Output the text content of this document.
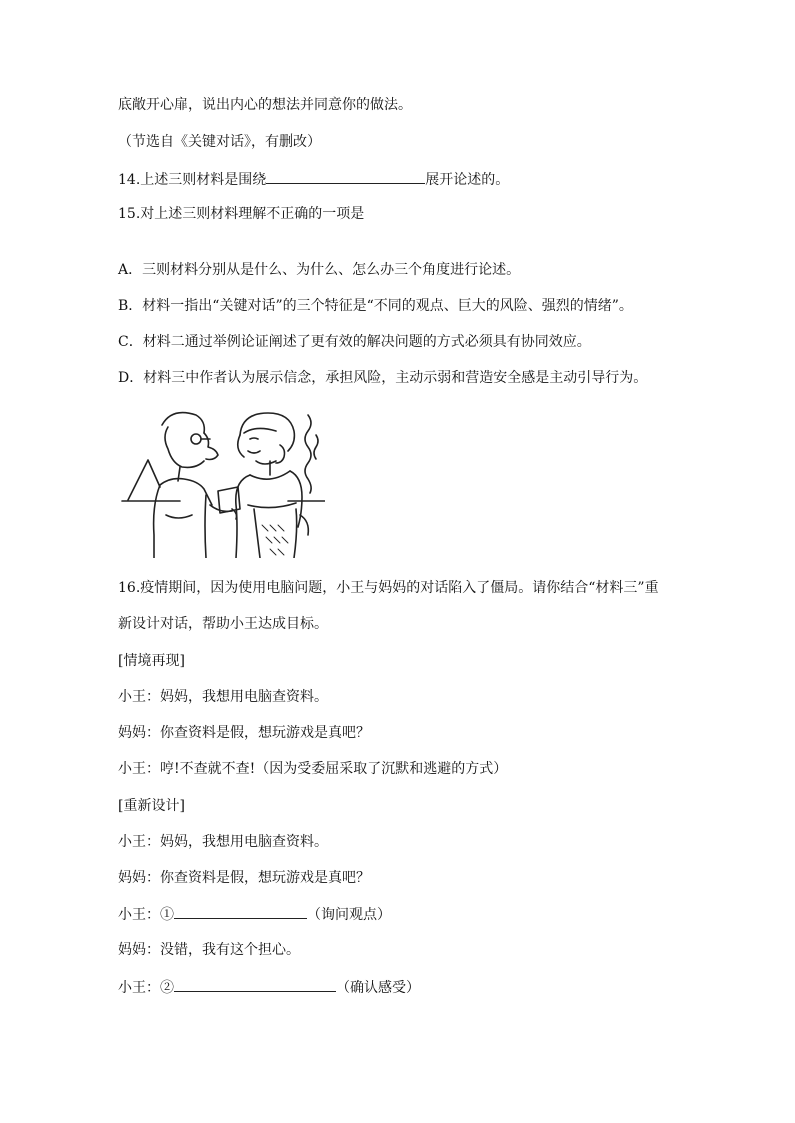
底敞开心扉，说出内心的想法并同意你的做法。
（节选自《关键对话》，有删改）
14.上述三则材料是围绕	展开论述的。
15.对上述三则材料理解不正确的一项是
A．三则材料分别从是什么、为什么、怎么办三个角度进行论述。
B．材料一指出“关键对话”的三个特征是“不同的观点、巨大的风险、强烈的情绪”。
C．材料二通过举例论证阐述了更有效的解决问题的方式必须具有协同效应。
D．材料三中作者认为展示信念，承担风险，主动示弱和营造安全感是主动引导行为。
16.疫情期间，因为使用电脑问题，小王与妈妈的对话陷入了僵局。请你结合“材料三”重
新设计对话，帮助小王达成目标。
[情境再现]
小王：妈妈，我想用电脑查资料。
妈妈：你查资料是假，想玩游戏是真吧？
小王：哼!不查就不查!（因为受委屈采取了沉默和逃避的方式）
[重新设计]
小王：妈妈，我想用电脑查资料。
妈妈：你查资料是假，想玩游戏是真吧？
小王：①	（询问观点）
妈妈：没错，我有这个担心。
小王：②	（确认感受）
